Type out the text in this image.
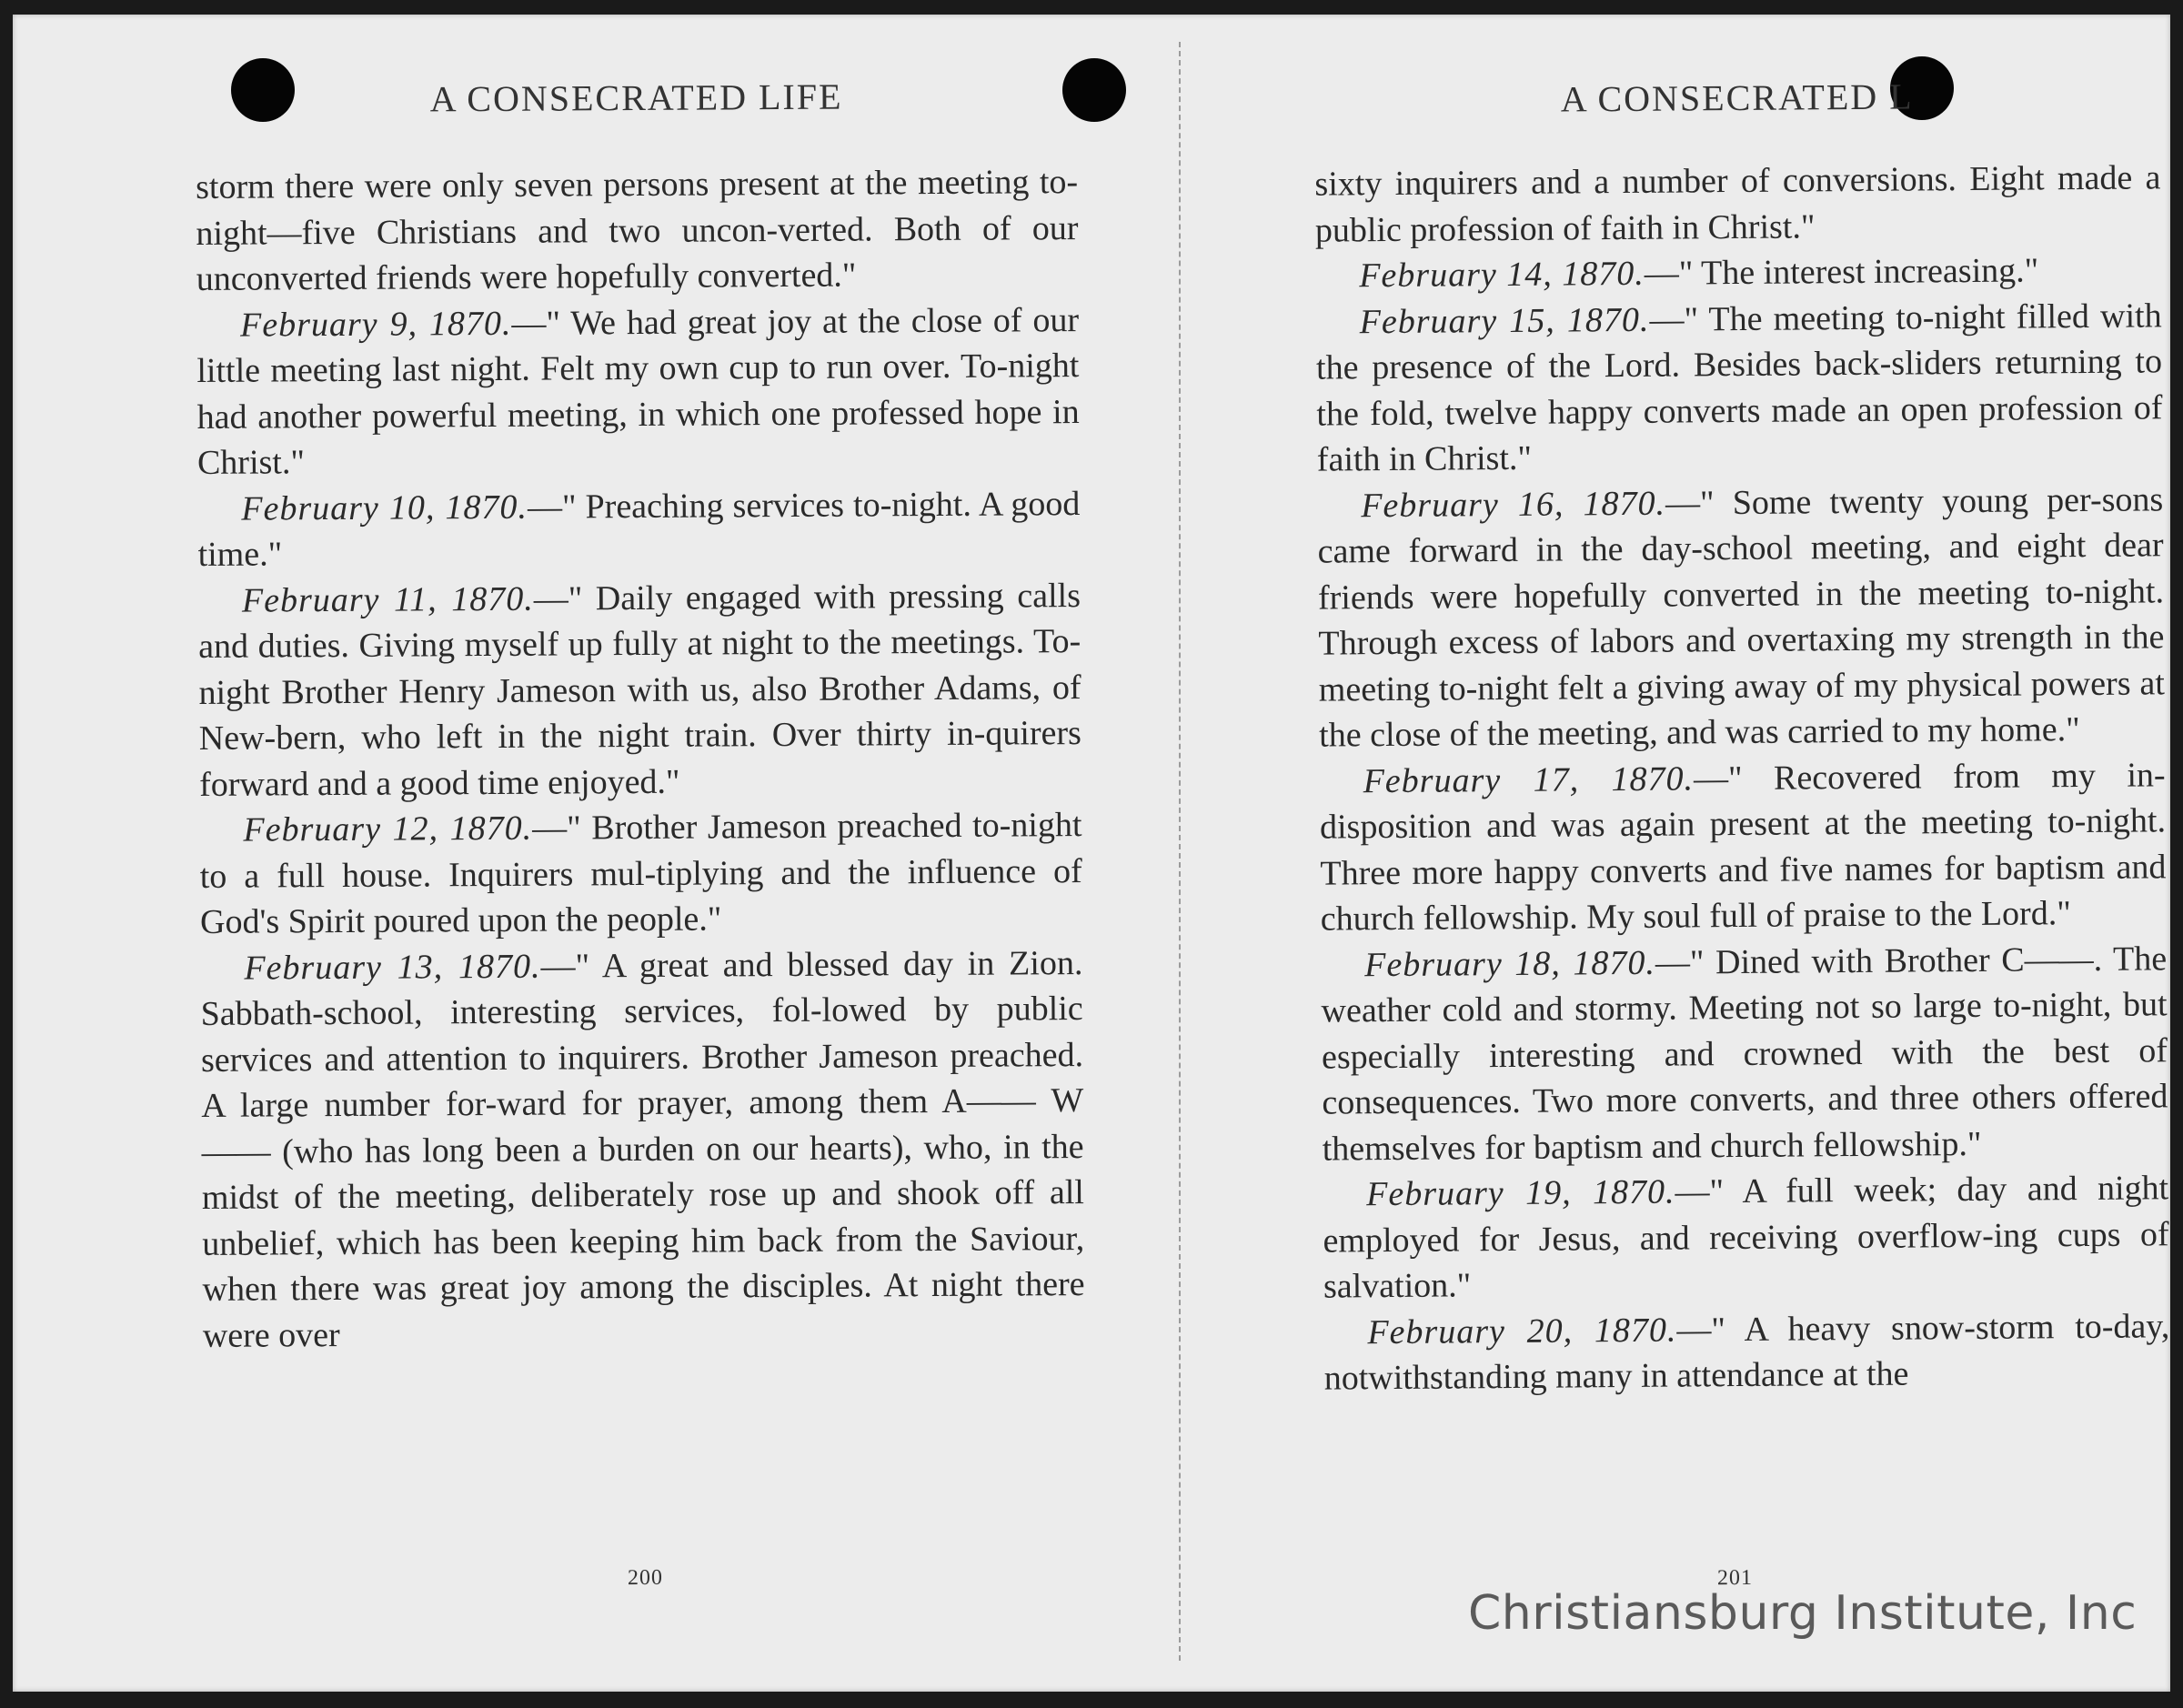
A CONSECRATED LIFE

storm there were only seven persons present at the meeting to-night—five Christians and two uncon-verted. Both of our unconverted friends were hopefully converted."

February 9, 1870.—" We had great joy at the close of our little meeting last night. Felt my own cup to run over. To-night had another powerful meeting, in which one professed hope in Christ."

February 10, 1870.—" Preaching services to-night. A good time."

February 11, 1870.—" Daily engaged with pressing calls and duties. Giving myself up fully at night to the meetings. To-night Brother Henry Jameson with us, also Brother Adams, of New-bern, who left in the night train. Over thirty in-quirers forward and a good time enjoyed."

February 12, 1870.—" Brother Jameson preached to-night to a full house. Inquirers mul-tiplying and the influence of God's Spirit poured upon the people."

February 13, 1870.—" A great and blessed day in Zion. Sabbath-school, interesting services, fol-lowed by public services and attention to inquirers. Brother Jameson preached. A large number for-ward for prayer, among them A—— W—— (who has long been a burden on our hearts), who, in the midst of the meeting, deliberately rose up and shook off all unbelief, which has been keeping him back from the Saviour, when there was great joy among the disciples. At night there were over

200
A CONSECRATED L

sixty inquirers and a number of conversions. Eight made a public profession of faith in Christ."

February 14, 1870.—" The interest increasing."

February 15, 1870.—" The meeting to-night filled with the presence of the Lord. Besides back-sliders returning to the fold, twelve happy converts made an open profession of faith in Christ."

February 16, 1870.—" Some twenty young per-sons came forward in the day-school meeting, and eight dear friends were hopefully converted in the meeting to-night. Through excess of labors and overtaxing my strength in the meeting to-night felt a giving away of my physical powers at the close of the meeting, and was carried to my home."

February 17, 1870.—" Recovered from my in-disposition and was again present at the meeting to-night. Three more happy converts and five names for baptism and church fellowship. My soul full of praise to the Lord."

February 18, 1870.—" Dined with Brother C——. The weather cold and stormy. Meeting not so large to-night, but especially interesting and crowned with the best of consequences. Two more converts, and three others offered themselves for baptism and church fellowship."

February 19, 1870.—" A full week; day and night employed for Jesus, and receiving overflow-ing cups of salvation."

February 20, 1870.—" A heavy snow-storm to-day, notwithstanding many in attendance at the

201
Christiansburg Institute, Inc
